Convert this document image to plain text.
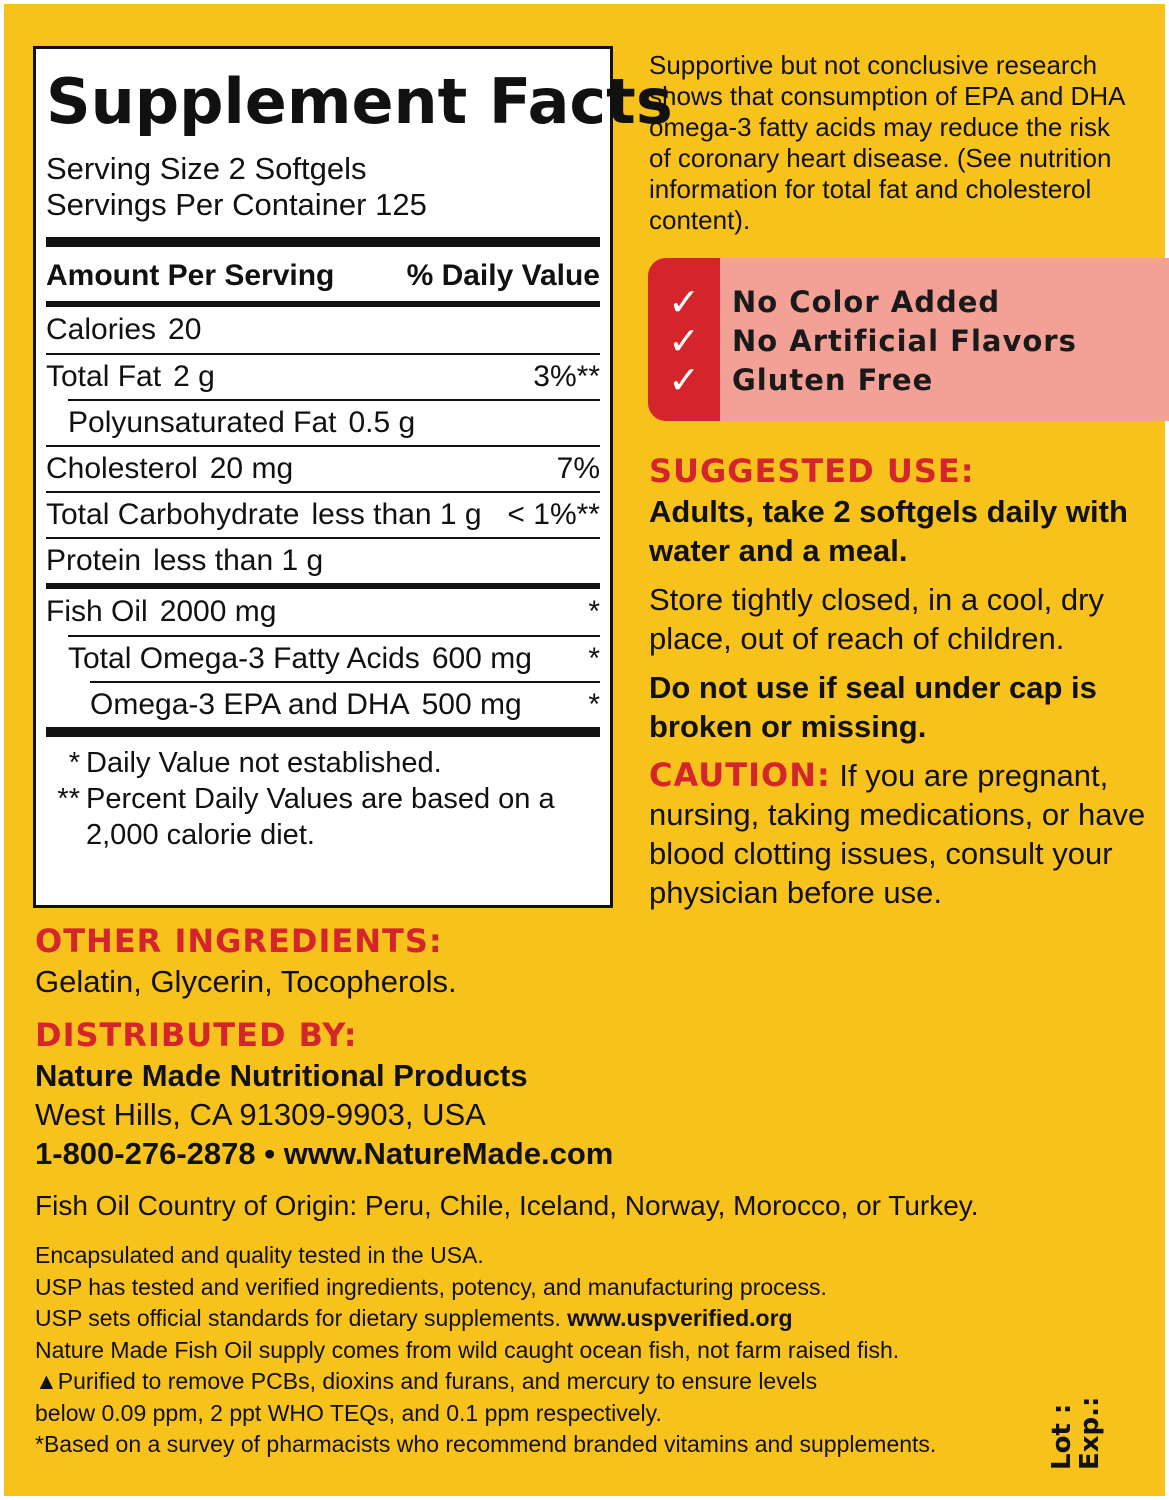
Supplement Facts
Serving Size 2 Softgels
Servings Per Container 125
Amount Per Serving % Daily Value
Calories 20
Total Fat 2 g	3%**
Polyunsaturated Fat 0.5 g
Cholesterol 20 mg	7%
Total Carbohydrate less than 1 g < 1%**
Protein less than 1 g
Fish Oil 2000 mg	*
Total Omega-3 Fatty Acids 600 mg *
Omega-3 EPA and DHA 500 mg *
* Daily Value not established.
** Percent Daily Values are based on a 2,000 calorie diet.
Supportive but not conclusive research shows that consumption of EPA and DHA omega-3 fatty acids may reduce the risk of coronary heart disease. (See nutrition information for total fat and cholesterol content).
✓	No Color Added
✓	No Artificial Flavors
✓	Gluten Free
SUGGESTED USE:
Adults, take 2 softgels daily with water and a meal.
Store tightly closed, in a cool, dry place, out of reach of children.
Do not use if seal under cap is broken or missing.
CAUTION: If you are pregnant, nursing, taking medications, or have blood clotting issues, consult your physician before use.
OTHER INGREDIENTS:
Gelatin, Glycerin, Tocopherols.
DISTRIBUTED BY:
Nature Made Nutritional Products
West Hills, CA 91309-9903, USA
1-800-276-2878 • www.NatureMade.com
Fish Oil Country of Origin: Peru, Chile, Iceland, Norway, Morocco, or Turkey.
Encapsulated and quality tested in the USA.
USP has tested and verified ingredients, potency, and manufacturing process.
USP sets official standards for dietary supplements. www.uspverified.org
Nature Made Fish Oil supply comes from wild caught ocean fish, not farm raised fish.
▲Purified to remove PCBs, dioxins and furans, and mercury to ensure levels
below 0.09 ppm, 2 ppt WHO TEQs, and 0.1 ppm respectively.
*Based on a survey of pharmacists who recommend branded vitamins and supplements.	Lot :
Exp.:
